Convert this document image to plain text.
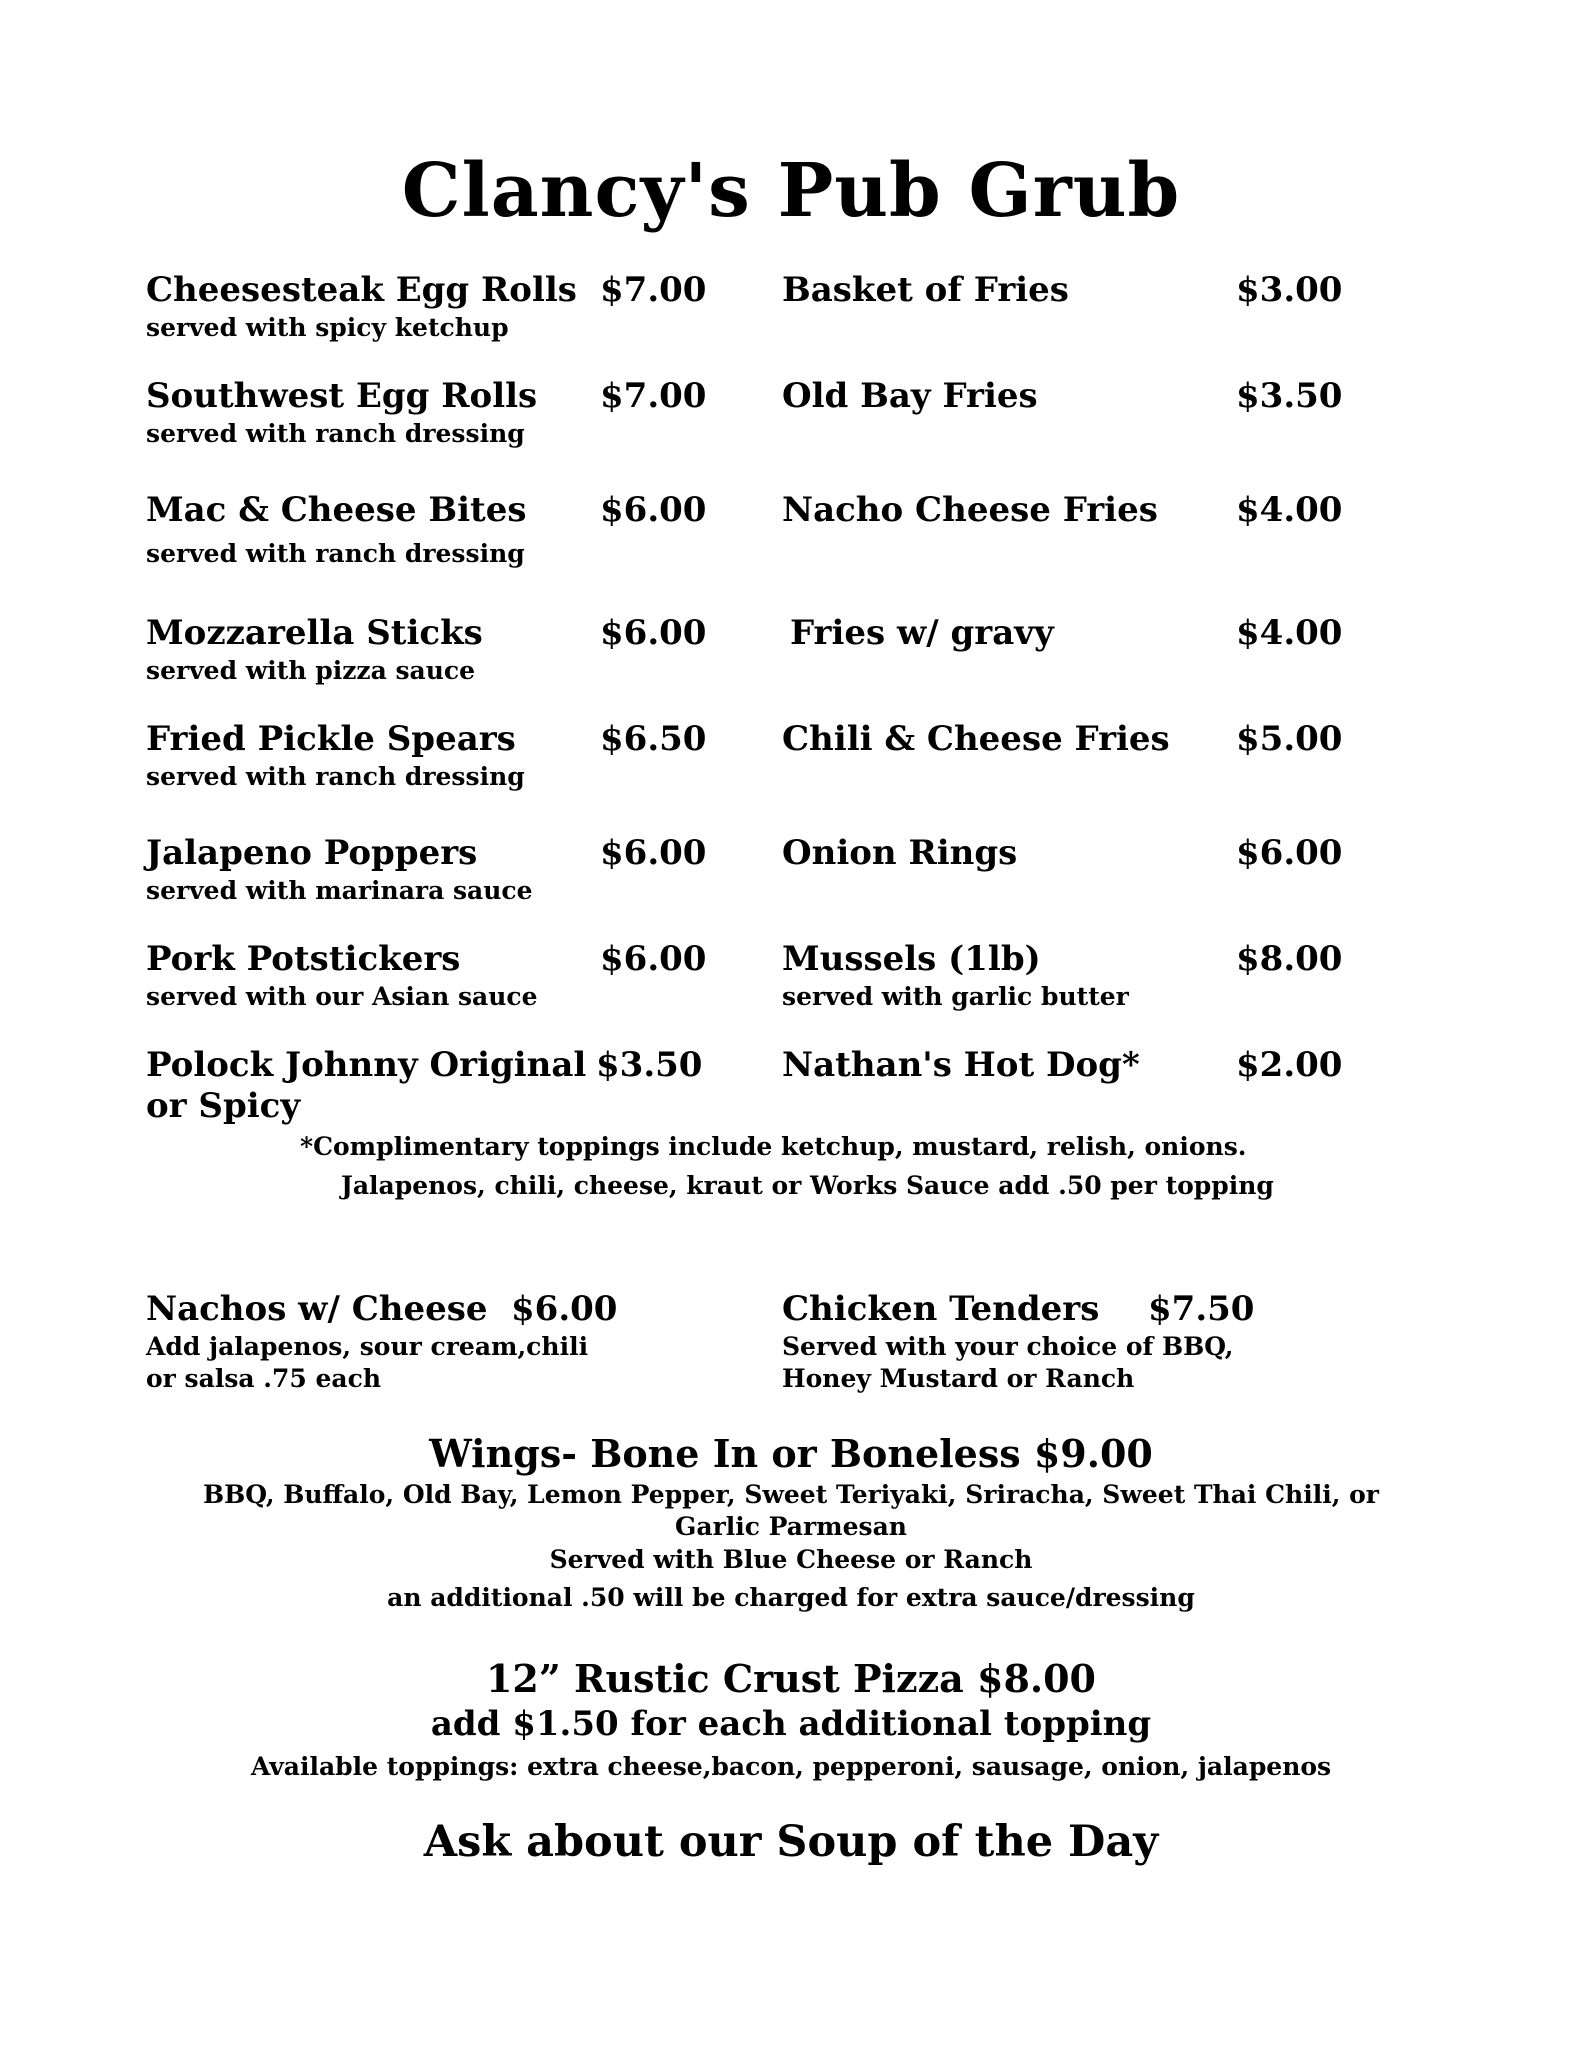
Clancy's Pub Grub
Cheesesteak Egg Rolls $7.00
served with spicy ketchup
Southwest Egg Rolls $7.00
served with ranch dressing
Mac & Cheese Bites $6.00
served with ranch dressing
Mozzarella Sticks	$6.00
served with pizza sauce
Fried Pickle Spears $6.50
served with ranch dressing
Jalapeno Poppers	$6.00
served with marinara sauce
Pork Potstickers	$6.00
served with our Asian sauce
Polock Johnny Original $3.50
or Spicy
Basket of Fries	$3.00
Old Bay Fries	$3.50
Nacho Cheese Fries $4.00
Fries w/ gravy	$4.00
Chili & Cheese Fries $5.00
Onion Rings	$6.00
Mussels (1lb)	$8.00
served with garlic butter
Nathan's Hot Dog*	$2.00
*Complimentary toppings include ketchup, mustard, relish, onions.
Jalapenos, chili, cheese, kraut or Works Sauce add .50 per topping
Nachos w/ Cheese $6.00
Add jalapenos, sour cream,chili
or salsa .75 each
Chicken Tenders $7.50
Served with your choice of BBQ,
Honey Mustard or Ranch
Wings- Bone In or Boneless $9.00
BBQ, Buffalo, Old Bay, Lemon Pepper, Sweet Teriyaki, Sriracha, Sweet Thai Chili, or
Garlic Parmesan
Served with Blue Cheese or Ranch
an additional .50 will be charged for extra sauce/dressing
12” Rustic Crust Pizza $8.00
add $1.50 for each additional topping
Available toppings: extra cheese,bacon, pepperoni, sausage, onion, jalapenos
Ask about our Soup of the Day
